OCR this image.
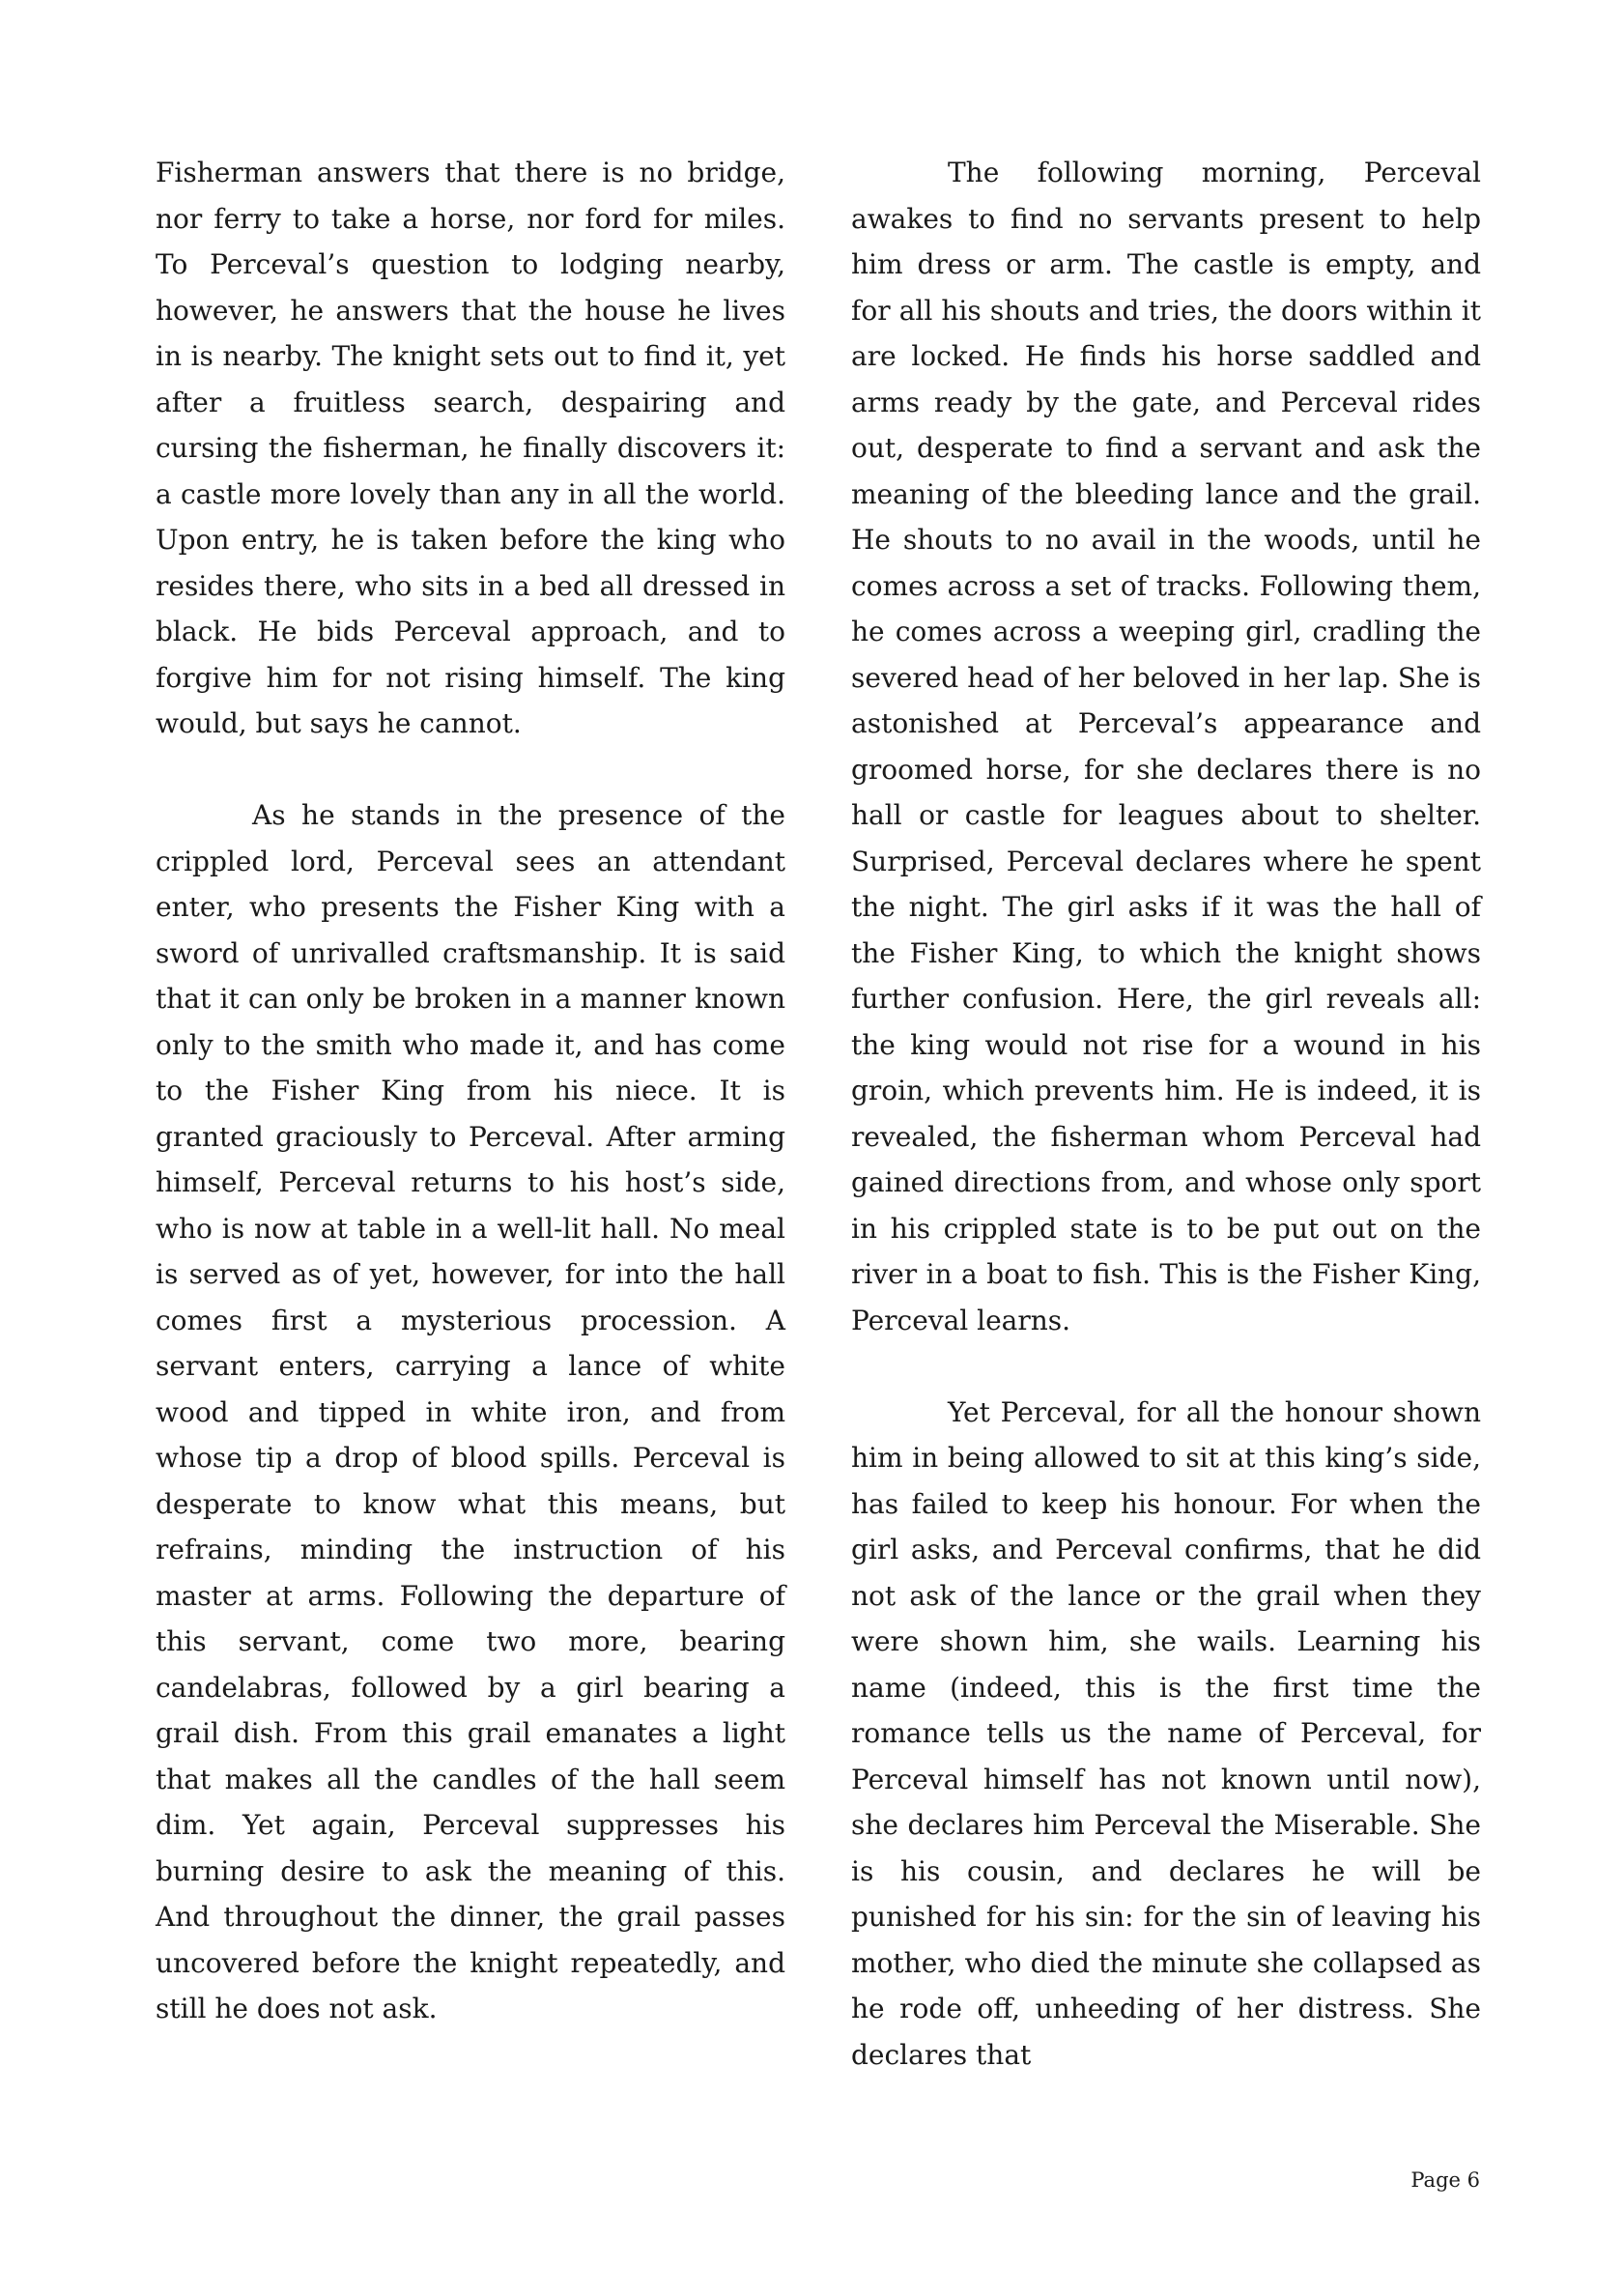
Fisherman answers that there is no bridge, nor ferry to take a horse, nor ford for miles. To Perceval’s question to lodging nearby, however, he answers that the house he lives in is nearby. The knight sets out to find it, yet after a fruitless search, despairing and cursing the fisherman, he finally discovers it: a castle more lovely than any in all the world. Upon entry, he is taken before the king who resides there, who sits in a bed all dressed in black. He bids Perceval approach, and to forgive him for not rising himself. The king would, but says he cannot.

As he stands in the presence of the crippled lord, Perceval sees an attendant enter, who presents the Fisher King with a sword of unrivalled craftsmanship. It is said that it can only be broken in a manner known only to the smith who made it, and has come to the Fisher King from his niece. It is granted graciously to Perceval. After arming himself, Perceval returns to his host’s side, who is now at table in a well-lit hall. No meal is served as of yet, however, for into the hall comes first a mysterious procession. A servant enters, carrying a lance of white wood and tipped in white iron, and from whose tip a drop of blood spills. Perceval is desperate to know what this means, but refrains, minding the instruction of his master at arms. Following the departure of this servant, come two more, bearing candelabras, followed by a girl bearing a grail dish. From this grail emanates a light that makes all the candles of the hall seem dim. Yet again, Perceval suppresses his burning desire to ask the meaning of this. And throughout the dinner, the grail passes uncovered before the knight repeatedly, and still he does not ask.

The following morning, Perceval awakes to find no servants present to help him dress or arm. The castle is empty, and for all his shouts and tries, the doors within it are locked. He finds his horse saddled and arms ready by the gate, and Perceval rides out, desperate to find a servant and ask the meaning of the bleeding lance and the grail. He shouts to no avail in the woods, until he comes across a set of tracks. Following them, he comes across a weeping girl, cradling the severed head of her beloved in her lap. She is astonished at Perceval’s appearance and groomed horse, for she declares there is no hall or castle for leagues about to shelter. Surprised, Perceval declares where he spent the night. The girl asks if it was the hall of the Fisher King, to which the knight shows further confusion. Here, the girl reveals all: the king would not rise for a wound in his groin, which prevents him. He is indeed, it is revealed, the fisherman whom Perceval had gained directions from, and whose only sport in his crippled state is to be put out on the river in a boat to fish. This is the Fisher King, Perceval learns.

Yet Perceval, for all the honour shown him in being allowed to sit at this king’s side, has failed to keep his honour. For when the girl asks, and Perceval confirms, that he did not ask of the lance or the grail when they were shown him, she wails. Learning his name (indeed, this is the first time the romance tells us the name of Perceval, for Perceval himself has not known until now), she declares him Perceval the Miserable. She is his cousin, and declares he will be punished for his sin: for the sin of leaving his mother, who died the minute she collapsed as he rode off, unheeding of her distress. She declares that

Page 6
